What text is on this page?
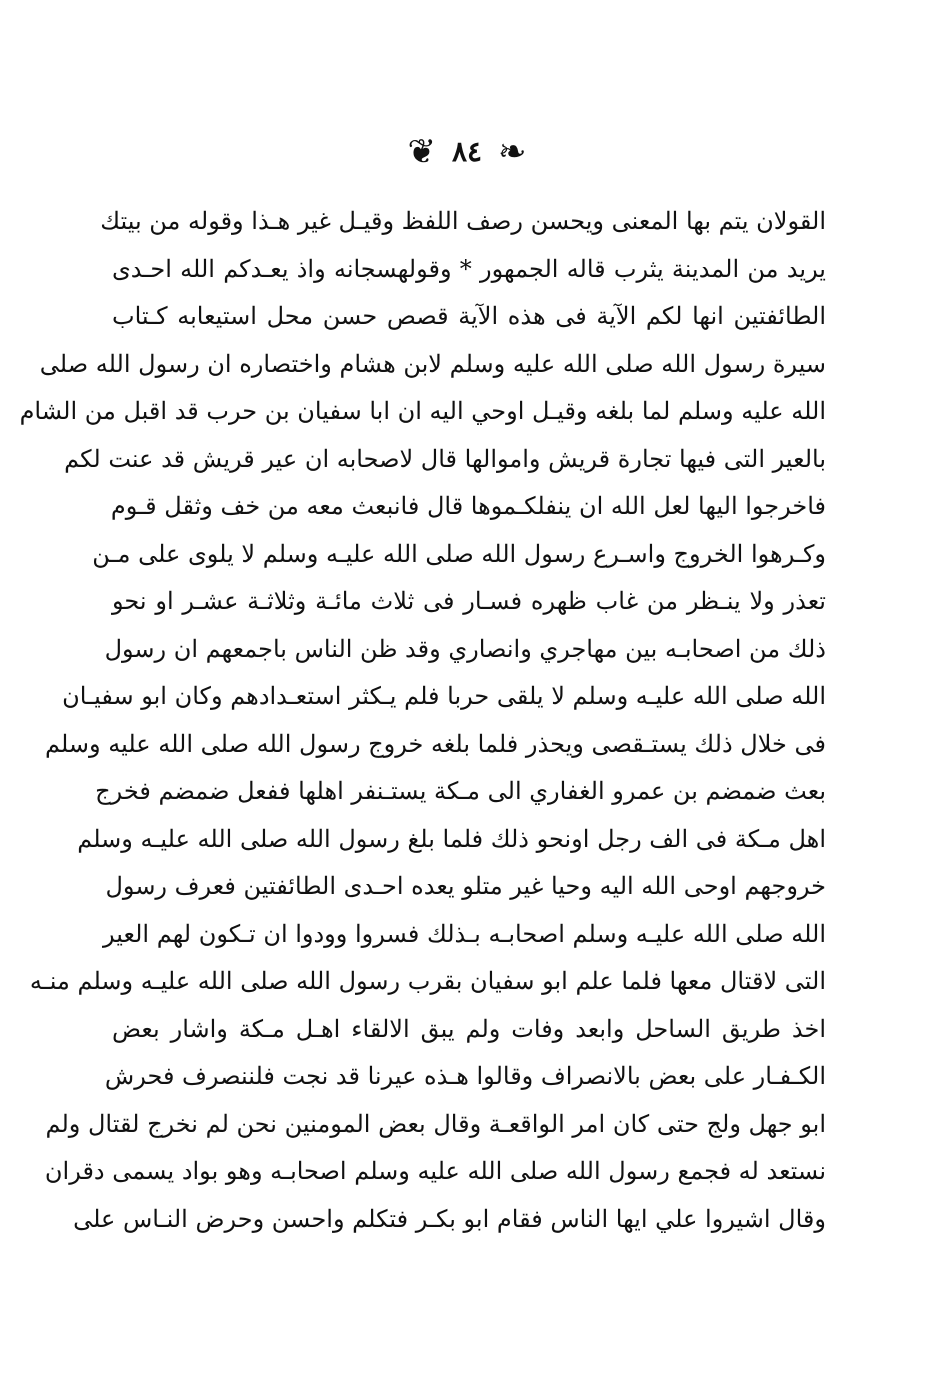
❦ ٨٤ ❧
القولان يتم بها المعنى ويحسن رصف اللفظ وقيـل غير هـذا وقوله من بيتك
يريد من المدينة يثرب قاله الجمهور * وقولهسجانه واذ يعـدكم الله احـدى
الطائفتين انها لكم الآية فى هذه الآية قصص حسن محل استيعابه كـتاب
سيرة رسول الله صلى الله عليه وسلم لابن هشام واختصاره ان رسول الله صلى
الله عليه وسلم لما بلغه وقيـل اوحي اليه ان ابا سفيان بن حرب قد اقبل من الشام
بالعير التى فيها تجارة قريش واموالها قال لاصحابه ان عير قريش قد عنت لكم
فاخرجوا اليها لعل الله ان ينفلكـموها قال فانبعث معه من خف وثقل قـوم
وكـرهوا الخروج واسـرع رسول الله صلى الله عليـه وسلم لا يلوى على مـن
تعذر ولا ينـظر من غاب ظهره فسـار فى ثلاث مائـة وثلاثـة عشـر او نحو
ذلك من اصحابـه بين مهاجري وانصاري وقد ظن الناس باجمعهم ان رسول
الله صلى الله عليـه وسلم لا يلقى حربا فلم يـكثر استعـدادهم وكان ابو سفيـان
فى خلال ذلك يستـقصى ويحذر فلما بلغه خروج رسول الله صلى الله عليه وسلم
بعث ضمضم بن عمرو الغفاري الى مـكة يستـنفر اهلها ففعل ضمضم فخرج
اهل مـكة فى الف رجل اونحو ذلك فلما بلغ رسول الله صلى الله عليـه وسلم
خروجهم اوحى الله اليه وحيا غير متلو يعده احـدى الطائفتين فعرف رسول
الله صلى الله عليـه وسلم اصحابـه بـذلك فسروا وودوا ان تـكون لهم العير
التى لاقتال معها فلما علم ابو سفيان بقرب رسول الله صلى الله عليـه وسلم منـه
اخذ طريق الساحل وابعد وفات ولم يبق الالقاء اهـل مـكة واشار بعض
الكـفـار على بعض بالانصراف وقالوا هـذه عيرنا قد نجت فلننصرف فحرش
ابو جهل ولج حتى كان امر الواقعـة وقال بعض المومنين نحن لم نخرج لقتال ولم
نستعد له فجمع رسول الله صلى الله عليه وسلم اصحابـه وهو بواد يسمى دقران
وقال اشيروا علي ايها الناس فقام ابو بكـر فتكلم واحسن وحرض النـاس على
